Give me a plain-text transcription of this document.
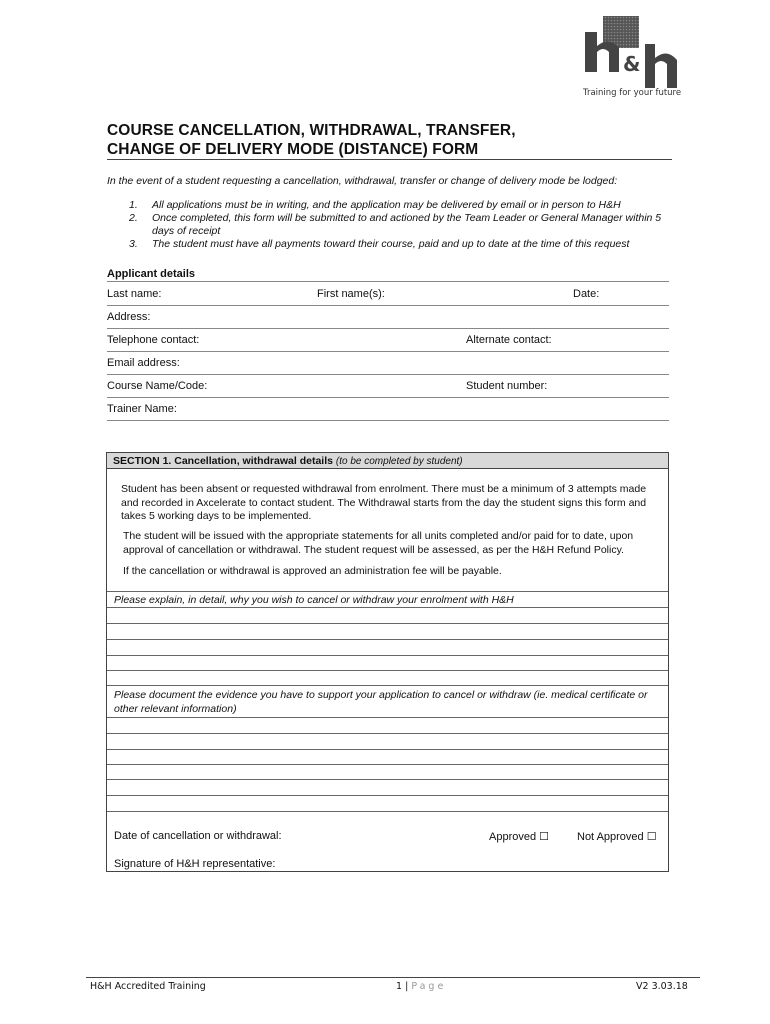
&
Training for your future
COURSE CANCELLATION, WITHDRAWAL, TRANSFER,
CHANGE OF DELIVERY MODE (DISTANCE) FORM
In the event of a student requesting a cancellation, withdrawal, transfer or change of delivery mode be lodged:
1.	All applications must be in writing, and the application may be delivered by email or in person to H&H
2.	Once completed, this form will be submitted to and actioned by the Team Leader or General Manager within 5 days of receipt
3.	The student must have all payments toward their course, paid and up to date at the time of this request
Applicant details
Last name:	First name(s):	Date:
Address:
Telephone contact:	Alternate contact:
Email address:
Course Name/Code:	Student number:
Trainer Name:
SECTION 1. Cancellation, withdrawal details (to be completed by student)
Student has been absent or requested withdrawal from enrolment. There must be a minimum of 3 attempts made and recorded in Axcelerate to contact student. The Withdrawal starts from the day the student signs this form and takes 5 working days to be implemented.
The student will be issued with the appropriate statements for all units completed and/or paid for to date, upon approval of cancellation or withdrawal. The student request will be assessed, as per the H&H Refund Policy.
If the cancellation or withdrawal is approved an administration fee will be payable.
Please explain, in detail, why you wish to cancel or withdraw your enrolment with H&H
Please document the evidence you have to support your application to cancel or withdraw (ie. medical certificate or other relevant information)
Date of cancellation or withdrawal:	Approved ☐	Not Approved ☐
Signature of H&H representative:
H&H Accredited Training	1 | Page	V2 3.03.18
